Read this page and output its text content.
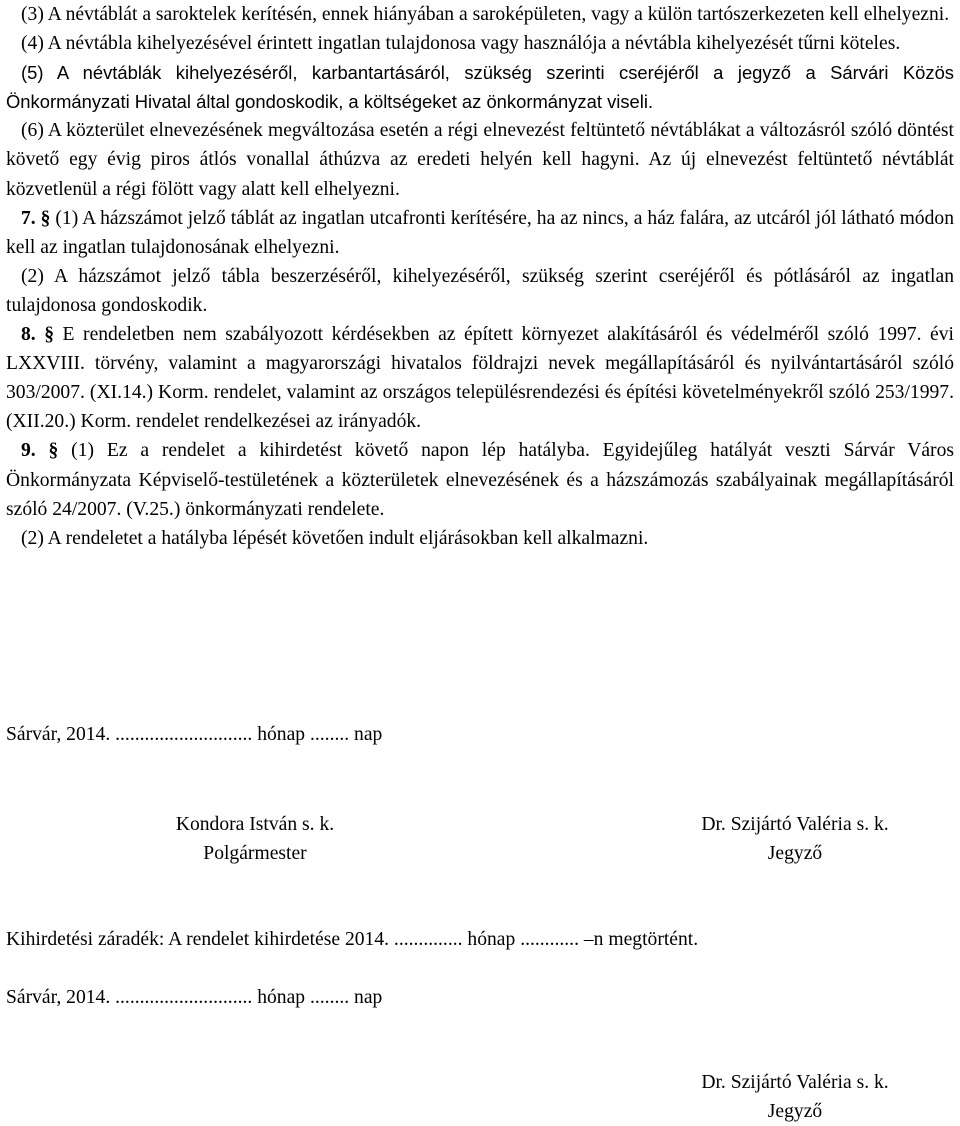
(3) A névtáblát a saroktelek kerítésén, ennek hiányában a saroképületen, vagy a külön tartószerkezeten kell elhelyezni.

(4) A névtábla kihelyezésével érintett ingatlan tulajdonosa vagy használója a névtábla kihelyezését tűrni köteles.

(5) A névtáblák kihelyezéséről, karbantartásáról, szükség szerinti cseréjéről a jegyző a Sárvári Közös Önkormányzati Hivatal által gondoskodik, a költségeket az önkormányzat viseli.

(6) A közterület elnevezésének megváltozása esetén a régi elnevezést feltüntető névtáblákat a változásról szóló döntést követő egy évig piros átlós vonallal áthúzva az eredeti helyén kell hagyni. Az új elnevezést feltüntető névtáblát közvetlenül a régi fölött vagy alatt kell elhelyezni.

7. § (1) A házszámot jelző táblát az ingatlan utcafronti kerítésére, ha az nincs, a ház falára, az utcáról jól látható módon kell az ingatlan tulajdonosának elhelyezni.

(2) A házszámot jelző tábla beszerzéséről, kihelyezéséről, szükség szerint cseréjéről és pótlásáról az ingatlan tulajdonosa gondoskodik.

8. § E rendeletben nem szabályozott kérdésekben az épített környezet alakításáról és védelméről szóló 1997. évi LXXVIII. törvény, valamint a magyarországi hivatalos földrajzi nevek megállapításáról és nyilvántartásáról szóló 303/2007. (XI.14.) Korm. rendelet, valamint az országos településrendezési és építési követelményekről szóló 253/1997. (XII.20.) Korm. rendelet rendelkezései az irányadók.

9. § (1) Ez a rendelet a kihirdetést követő napon lép hatályba. Egyidejűleg hatályát veszti Sárvár Város Önkormányzata Képviselő-testületének a közterületek elnevezésének és a házszámozás szabályainak megállapításáról szóló 24/2007. (V.25.) önkormányzati rendelete.

(2) A rendeletet a hatályba lépését követően indult eljárásokban kell alkalmazni.

Sárvár, 2014. ............................ hónap ........ nap

Kondora István s. k.
Polgármester
Dr. Szijártó Valéria s. k.
Jegyző

Kihirdetési záradék: A rendelet kihirdetése 2014. .............. hónap ............ –n megtörtént.

Sárvár, 2014. ............................ hónap ........ nap

Dr. Szijártó Valéria s. k.
Jegyző
